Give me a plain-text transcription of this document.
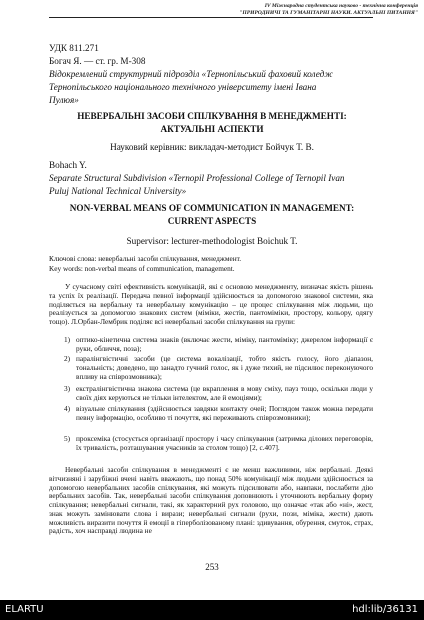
IV Міжнародна студентська науково - технічна конференція
"ПРИРОДНИЧІ ТА ГУМАНІТАРНІ НАУКИ. АКТУАЛЬНІ ПИТАННЯ"
УДК 811.271
Богач Я. — ст. гр. М-308
Відокремлений структурний підрозділ «Тернопільський фаховий коледж
Тернопільського національного технічного університету імені Івана
Пулюя»
НЕВЕРБАЛЬНІ ЗАСОБИ СПІЛКУВАННЯ В МЕНЕДЖМЕНТІ:
АКТУАЛЬНІ АСПЕКТИ
Науковий керівник: викладач-методист Бойчук Т. В.
Bohach Y.
Separate Structural Subdivision «Ternopil Professional College of Ternopil Ivan
Puluj National Technical University»
NON-VERBAL MEANS OF COMMUNICATION IN MANAGEMENT:
CURRENT ASPECTS
Supervisor: lecturer-methodologist Boichuk T.
Ключові слова: невербальні засоби спілкування, менеджмент.
Key words: non-verbal means of communication, management.
У сучасному світі ефективність комунікацій, які є основою менеджменту, визначає якість рішень та успіх їх реалізації. Передача певної інформації здійснюється за допомогою знакової системи, яка поділяється на вербальну та невербальну комунікацію – це процес спілкування між людьми, що реалізується за допомогою знакових систем (міміки, жестів, пантоміміки, простору, кольору, одягу тощо). Л.Орбан-Лембрик поділяє всі невербальні засоби спілкування на групи:
1) оптико-кінетична система знаків (включає жести, міміку, пантоміміку; джерелом інформації є руки, обличчя, поза);
2) паралінгвістичні засоби (це система вокалізації, тобто якість голосу, його діапазон, тональність; доведено, що занадто гучний голос, як і дуже тихий, не підсилює переконуючого впливу на співрозмовника);
3) екстралінгвістична знакова система (це вкраплення в мову сміху, пауз тощо, оскільки люди у своїх діях керуються не тільки інтелектом, але й емоціями);
4) візуальне спілкування (здійснюється завдяки контакту очей; Поглядом також можна передати певну інформацію, особливо ті почуття, які переживають співрозмовники);
5) проксеміка (стосується організації простору і часу спілкування (затримка ділових переговорів, їх тривалість, розташування учасників за столом тощо) [2, c.407].
Невербальні засоби спілкування в менеджменті є не менш важливими, ніж вербальні. Деякі вітчизняні і зарубіжні вчені навіть вважають, що понад 50% комунікації між людьми здійснюється за допомогою невербальних засобів спілкування, які можуть підсилювати або, навпаки, послабити дію вербальних засобів. Так, невербальні засоби спілкування доповнюють і уточнюють вербальну форму спілкування; невербальні сигнали, такі, як характерний рух головою, що означає «так або «ні», жест, знак можуть замінювати слова і вирази; невербальні сигнали (рухи, пози, міміка, жести) дають можливість виразити почуття й емоції в гіперболізованому плані: здивування, обурення, смуток, страх, радість, хоч насправді людина не
253
ELARTU	hdl:lib/36131
